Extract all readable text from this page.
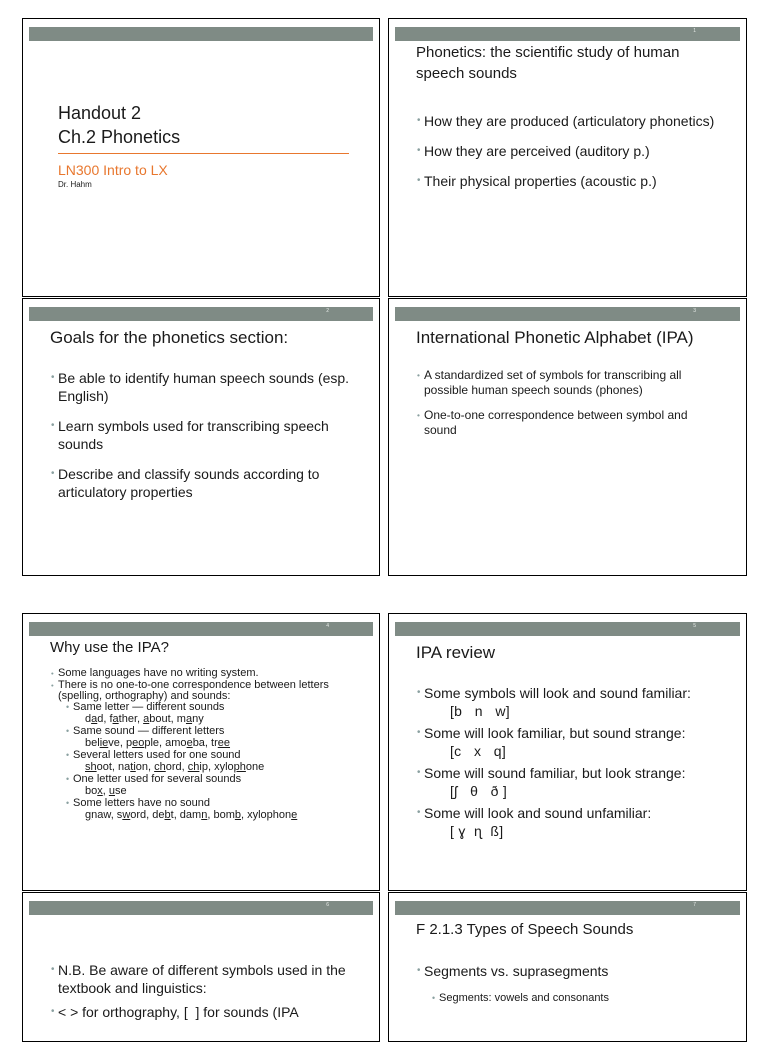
Handout 2
Ch.2 Phonetics
LN300 Intro to LX
Dr. Hahm
1
Phonetics: the scientific study of human speech sounds
• How they are produced (articulatory phonetics)
• How they are perceived (auditory p.)
• Their physical properties (acoustic p.)
2
Goals for the phonetics section:
• Be able to identify human speech sounds (esp. English)
• Learn symbols used for transcribing speech sounds
• Describe and classify sounds according to articulatory properties
3
International Phonetic Alphabet (IPA)
• A standardized set of symbols for transcribing all possible human speech sounds (phones)
• One-to-one correspondence between symbol and sound
4
Why use the IPA?
• Some languages have no writing system.
• There is no one-to-one correspondence between letters (spelling, orthography) and sounds:
• Same letter — different sounds
dad, father, about, many
• Same sound — different letters
believe, people, amoeba, tree
• Several letters used for one sound
shoot, nation, chord, chip, xylophone
• One letter used for several sounds
box, use
• Some letters have no sound
gnaw, sword, debt, damn, bomb, xylophone
5
IPA review
• Some symbols will look and sound familiar:
[b   n   w]
• Some will look familiar, but sound strange:
[c   x   q]
• Some will sound familiar, but look strange:
[ʃ   θ   ð ]
• Some will look and sound unfamiliar:
[ ɣ  ɳ  ß]
6
• N.B. Be aware of different symbols used in the textbook and linguistics:
• < > for orthography, [  ] for sounds (IPA
7
F 2.1.3 Types of Speech Sounds
• Segments vs. suprasegments
• Segments: vowels and consonants
